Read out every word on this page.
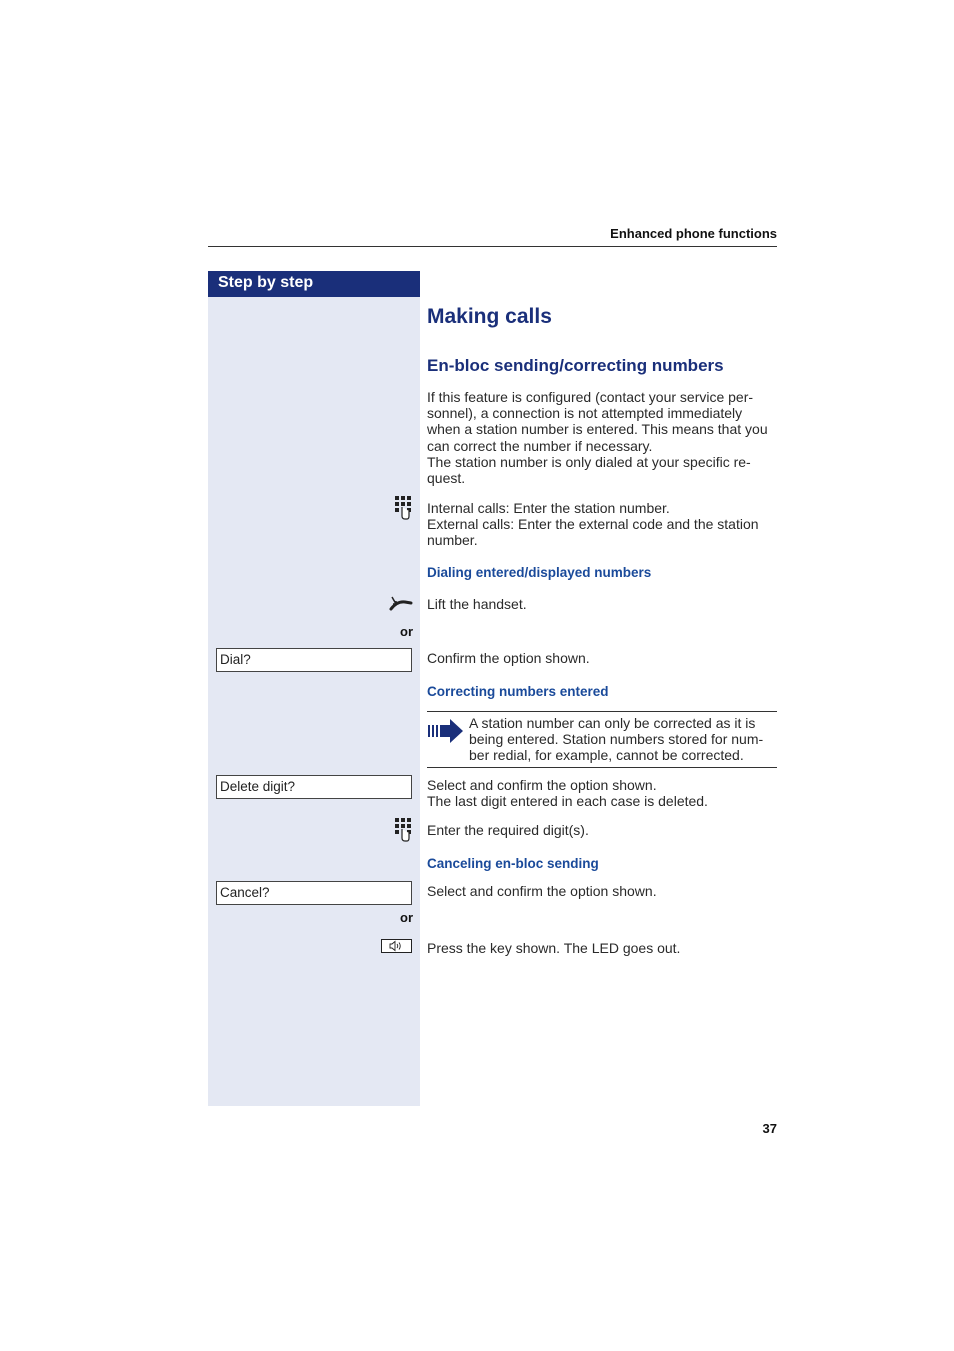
Enhanced phone functions
Step by step
Making calls
En-bloc sending/correcting numbers
If this feature is configured (contact your service per-
sonnel), a connection is not attempted immediately
when a station number is entered. This means that you
can correct the number if necessary.
The station number is only dialed at your specific re-
quest.
Internal calls: Enter the station number.
External calls: Enter the external code and the station
number.
Dialing entered/displayed numbers
Lift the handset.
or
Dial?	Confirm the option shown.
Correcting numbers entered
A station number can only be corrected as it is
being entered. Station numbers stored for num-
ber redial, for example, cannot be corrected.
Delete digit?	Select and confirm the option shown.
The last digit entered in each case is deleted.
Enter the required digit(s).
Canceling en-bloc sending
Cancel?	Select and confirm the option shown.
or
Press the key shown. The LED goes out.
37
